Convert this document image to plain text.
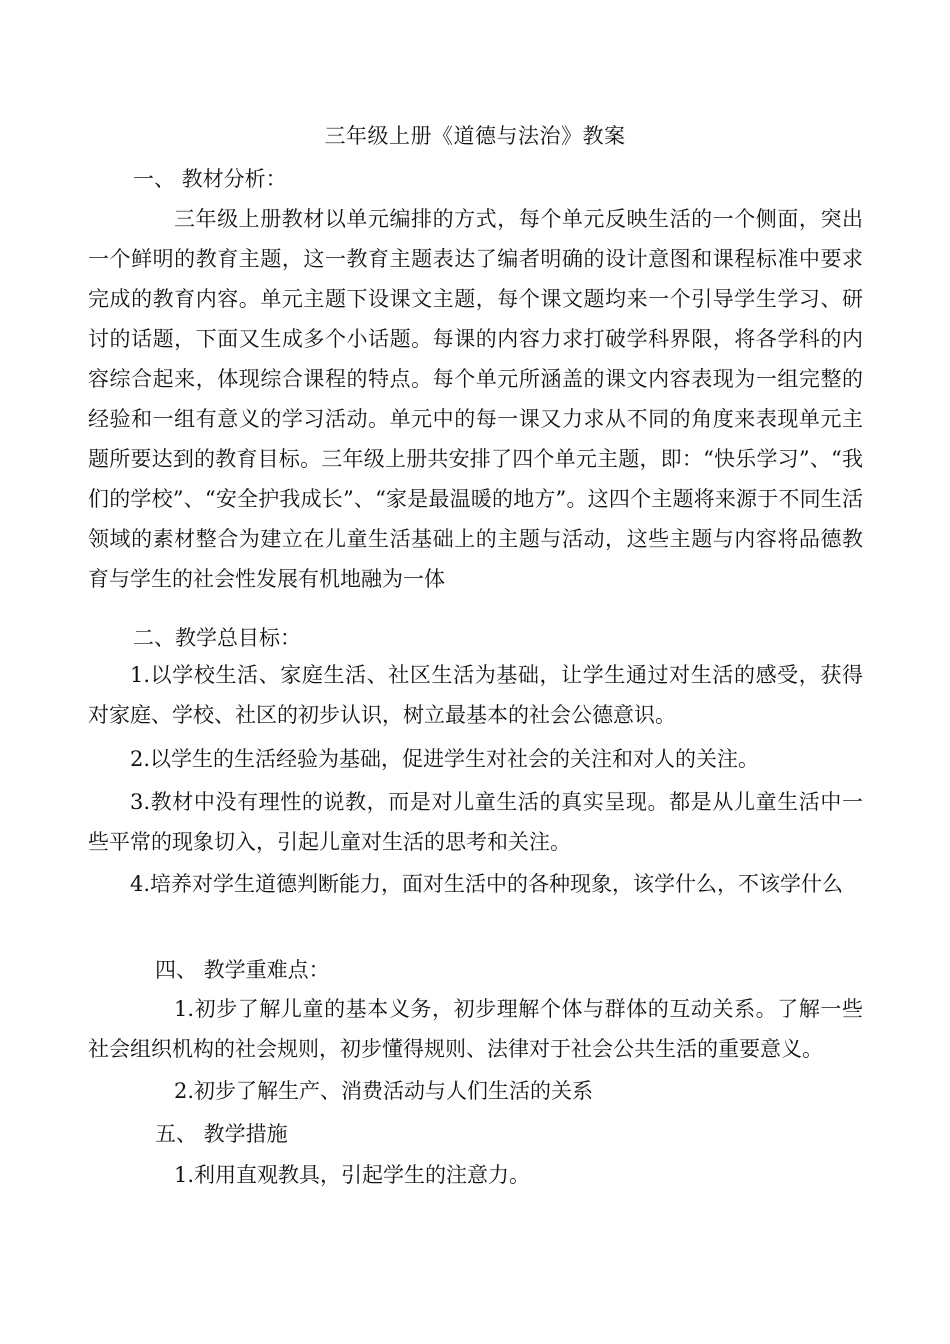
三年级上册《道德与法治》教案
一、 教材分析：

三年级上册教材以单元编排的方式，每个单元反映生活的一个侧面，突出一个鲜明的教育主题，这一教育主题表达了编者明确的设计意图和课程标准中要求完成的教育内容。单元主题下设课文主题，每个课文题均来一个引导学生学习、研讨的话题，下面又生成多个小话题。每课的内容力求打破学科界限，将各学科的内容综合起来，体现综合课程的特点。每个单元所涵盖的课文内容表现为一组完整的经验和一组有意义的学习活动。单元中的每一课又力求从不同的角度来表现单元主题所要达到的教育目标。三年级上册共安排了四个单元主题，即：“快乐学习”、“我们的学校”、“安全护我成长”、“家是最温暖的地方”。这四个主题将来源于不同生活领域的素材整合为建立在儿童生活基础上的主题与活动，这些主题与内容将品德教育与学生的社会性发展有机地融为一体

二、教学总目标：

1.以学校生活、家庭生活、社区生活为基础，让学生通过对生活的感受，获得对家庭、学校、社区的初步认识，树立最基本的社会公德意识。

2.以学生的生活经验为基础，促进学生对社会的关注和对人的关注。

3.教材中没有理性的说教，而是对儿童生活的真实呈现。都是从儿童生活中一些平常的现象切入，引起儿童对生活的思考和关注。

4.培养对学生道德判断能力，面对生活中的各种现象，该学什么，不该学什么

四、 教学重难点：

1.初步了解儿童的基本义务，初步理解个体与群体的互动关系。了解一些社会组织机构的社会规则，初步懂得规则、法律对于社会公共生活的重要意义。

2.初步了解生产、消费活动与人们生活的关系
五、 教学措施
1.利用直观教具，引起学生的注意力。
